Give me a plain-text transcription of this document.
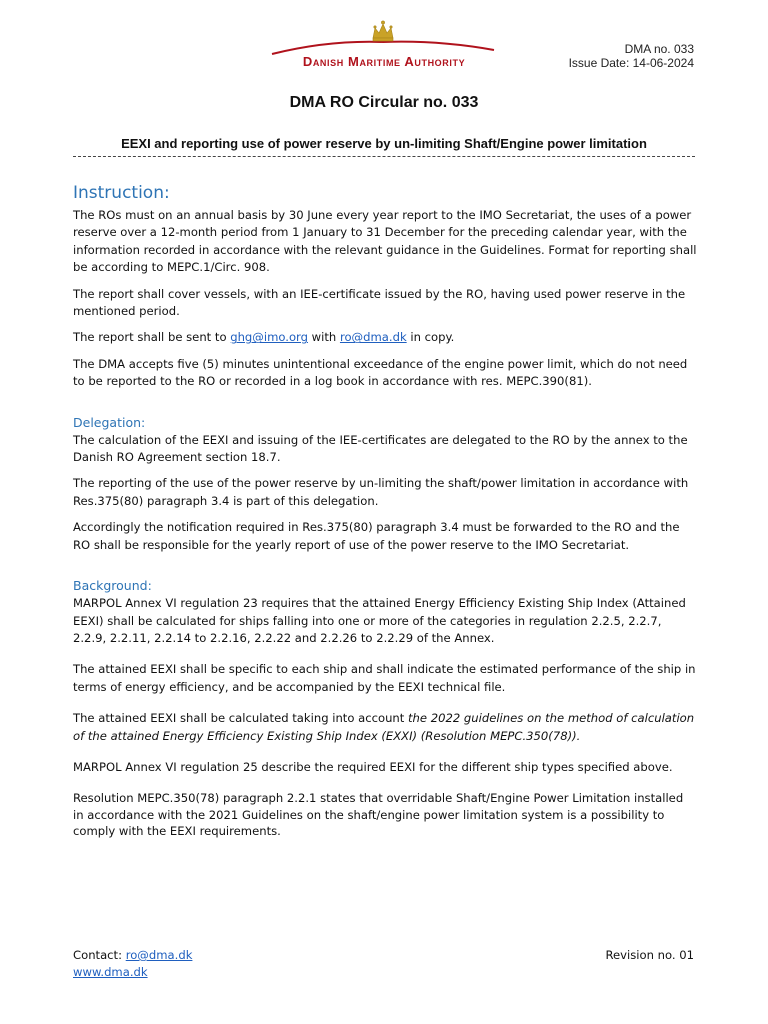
Danish Maritime Authority
DMA no. 033
Issue Date: 14-06-2024
DMA RO Circular no. 033
EEXI and reporting use of power reserve by un-limiting Shaft/Engine power limitation
Instruction:

The ROs must on an annual basis by 30 June every year report to the IMO Secretariat, the uses of a power reserve over a 12-month period from 1 January to 31 December for the preceding calendar year, with the information recorded in accordance with the relevant guidance in the Guidelines. Format for reporting shall be according to MEPC.1/Circ. 908.

The report shall cover vessels, with an IEE-certificate issued by the RO, having used power reserve in the mentioned period.

The report shall be sent to ghg@imo.org with ro@dma.dk in copy.

The DMA accepts five (5) minutes unintentional exceedance of the engine power limit, which do not need to be reported to the RO or recorded in a log book in accordance with res. MEPC.390(81).

Delegation:

The calculation of the EEXI and issuing of the IEE-certificates are delegated to the RO by the annex to the Danish RO Agreement section 18.7.

The reporting of the use of the power reserve by un-limiting the shaft/power limitation in accordance with Res.375(80) paragraph 3.4 is part of this delegation.

Accordingly the notification required in Res.375(80) paragraph 3.4 must be forwarded to the RO and the RO shall be responsible for the yearly report of use of the power reserve to the IMO Secretariat.

Background:

MARPOL Annex VI regulation 23 requires that the attained Energy Efficiency Existing Ship Index (Attained EEXI) shall be calculated for ships falling into one or more of the categories in regulation 2.2.5, 2.2.7, 2.2.9, 2.2.11, 2.2.14 to 2.2.16, 2.2.22 and 2.2.26 to 2.2.29 of the Annex.

The attained EEXI shall be specific to each ship and shall indicate the estimated performance of the ship in terms of energy efficiency, and be accompanied by the EEXI technical file.

The attained EEXI shall be calculated taking into account the 2022 guidelines on the method of calculation of the attained Energy Efficiency Existing Ship Index (EXXI) (Resolution MEPC.350(78)).

MARPOL Annex VI regulation 25 describe the required EEXI for the different ship types specified above.

Resolution MEPC.350(78) paragraph 2.2.1 states that overridable Shaft/Engine Power Limitation installed in accordance with the 2021 Guidelines on the shaft/engine power limitation system is a possibility to comply with the EEXI requirements.

Contact: ro@dma.dk
www.dma.dk
Revision no. 01
